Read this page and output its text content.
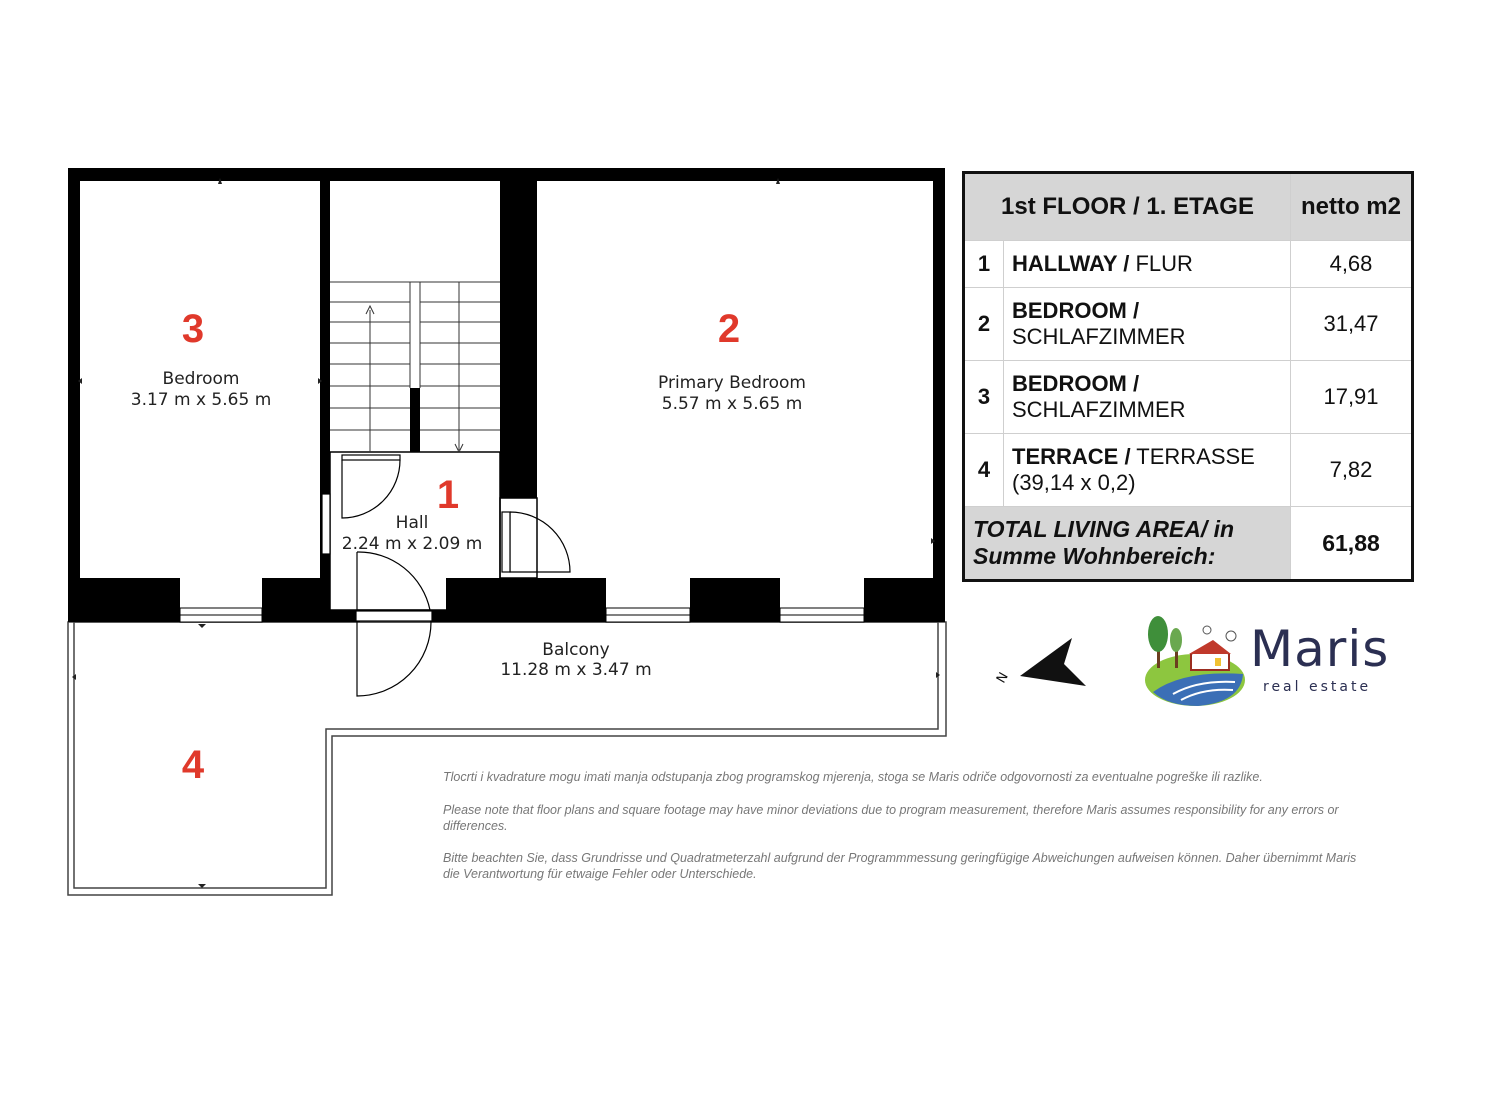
3
Bedroom
3.17 m x 5.65 m
2
Primary Bedroom
5.57 m x 5.65 m
1
Hall
2.24 m x 2.09 m
Balcony
11.28 m x 3.47 m
4
N
1st FLOOR / 1. ETAGE		netto m2
1	HALLWAY / FLUR	4,68
2	BEDROOM /
SCHLAFZIMMER	31,47
3	BEDROOM /
SCHLAFZIMMER	17,91
4	TERRACE / TERRASSE (39,14 x 0,2)	7,82
TOTAL LIVING AREA/ in Summe Wohnbereich:		61,88
Maris
real estate

Tlocrti i kvadrature mogu imati manja odstupanja zbog programskog mjerenja, stoga se Maris odriče odgovornosti za eventualne pogreške ili razlike.

Please note that floor plans and square footage may have minor deviations due to program measurement, therefore Maris assumes responsibility for any errors or differences.

Bitte beachten Sie, dass Grundrisse und Quadratmeterzahl aufgrund der Programmmessung geringfügige Abweichungen aufweisen können. Daher übernimmt Maris die Verantwortung für etwaige Fehler oder Unterschiede.
